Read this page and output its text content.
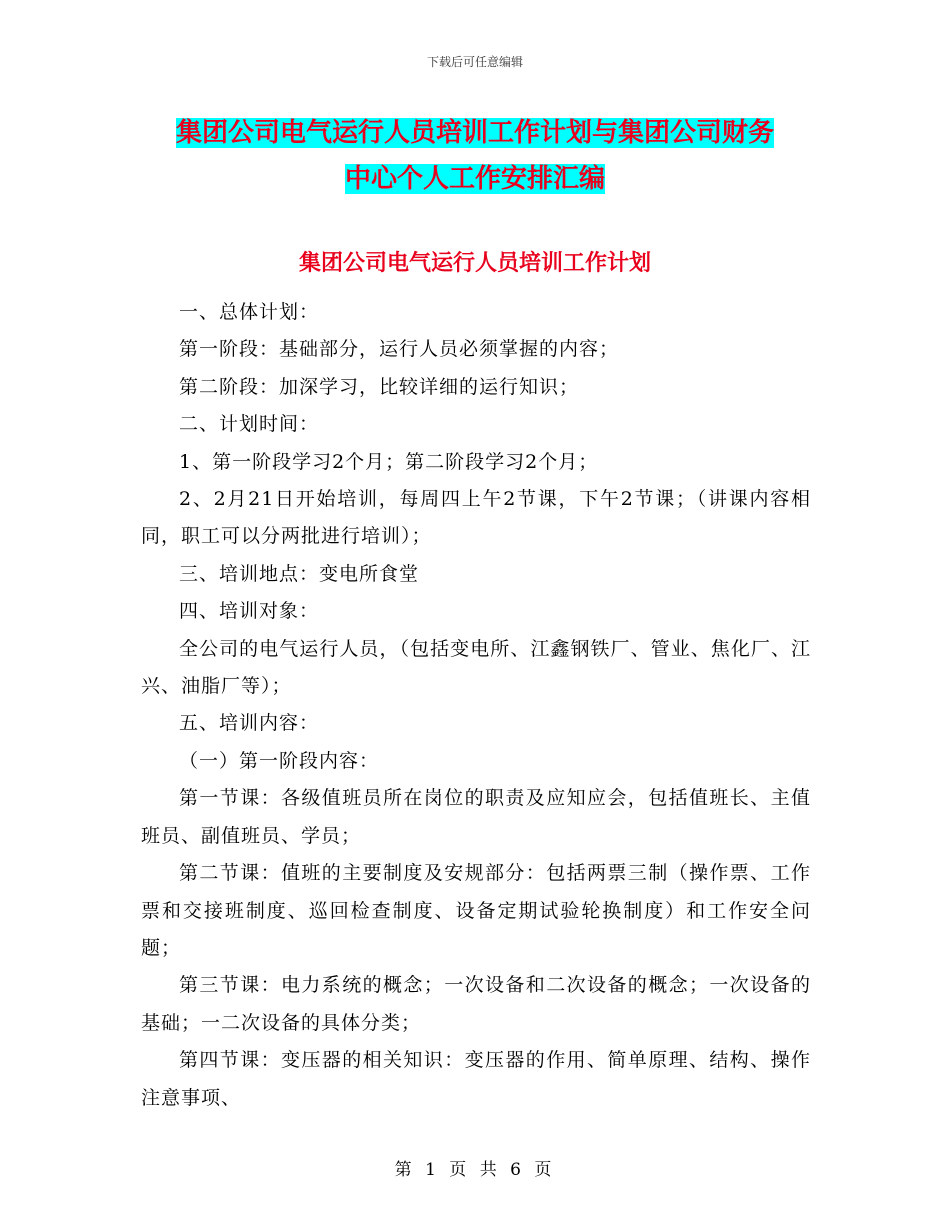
下载后可任意编辑
集团公司电气运行人员培训工作计划与集团公司财务
中心个人工作安排汇编
集团公司电气运行人员培训工作计划

一、总体计划：

第一阶段：基础部分，运行人员必须掌握的内容；

第二阶段：加深学习，比较详细的运行知识；

二、计划时间：

1、第一阶段学习2个月；第二阶段学习2个月；

2、2月21日开始培训，每周四上午2节课，下午2节课；（讲课内容相同，职工可以分两批进行培训）；

三、培训地点：变电所食堂

四、培训对象：

全公司的电气运行人员，（包括变电所、江鑫钢铁厂、管业、焦化厂、江兴、油脂厂等）；

五、培训内容：

（一）第一阶段内容：

第一节课：各级值班员所在岗位的职责及应知应会，包括值班长、主值班员、副值班员、学员；

第二节课：值班的主要制度及安规部分：包括两票三制（操作票、工作票和交接班制度、巡回检查制度、设备定期试验轮换制度）和工作安全问题；

第三节课：电力系统的概念；一次设备和二次设备的概念；一次设备的基础；一二次设备的具体分类；

第四节课：变压器的相关知识：变压器的作用、简单原理、结构、操作注意事项、

第 1 页 共 6 页
